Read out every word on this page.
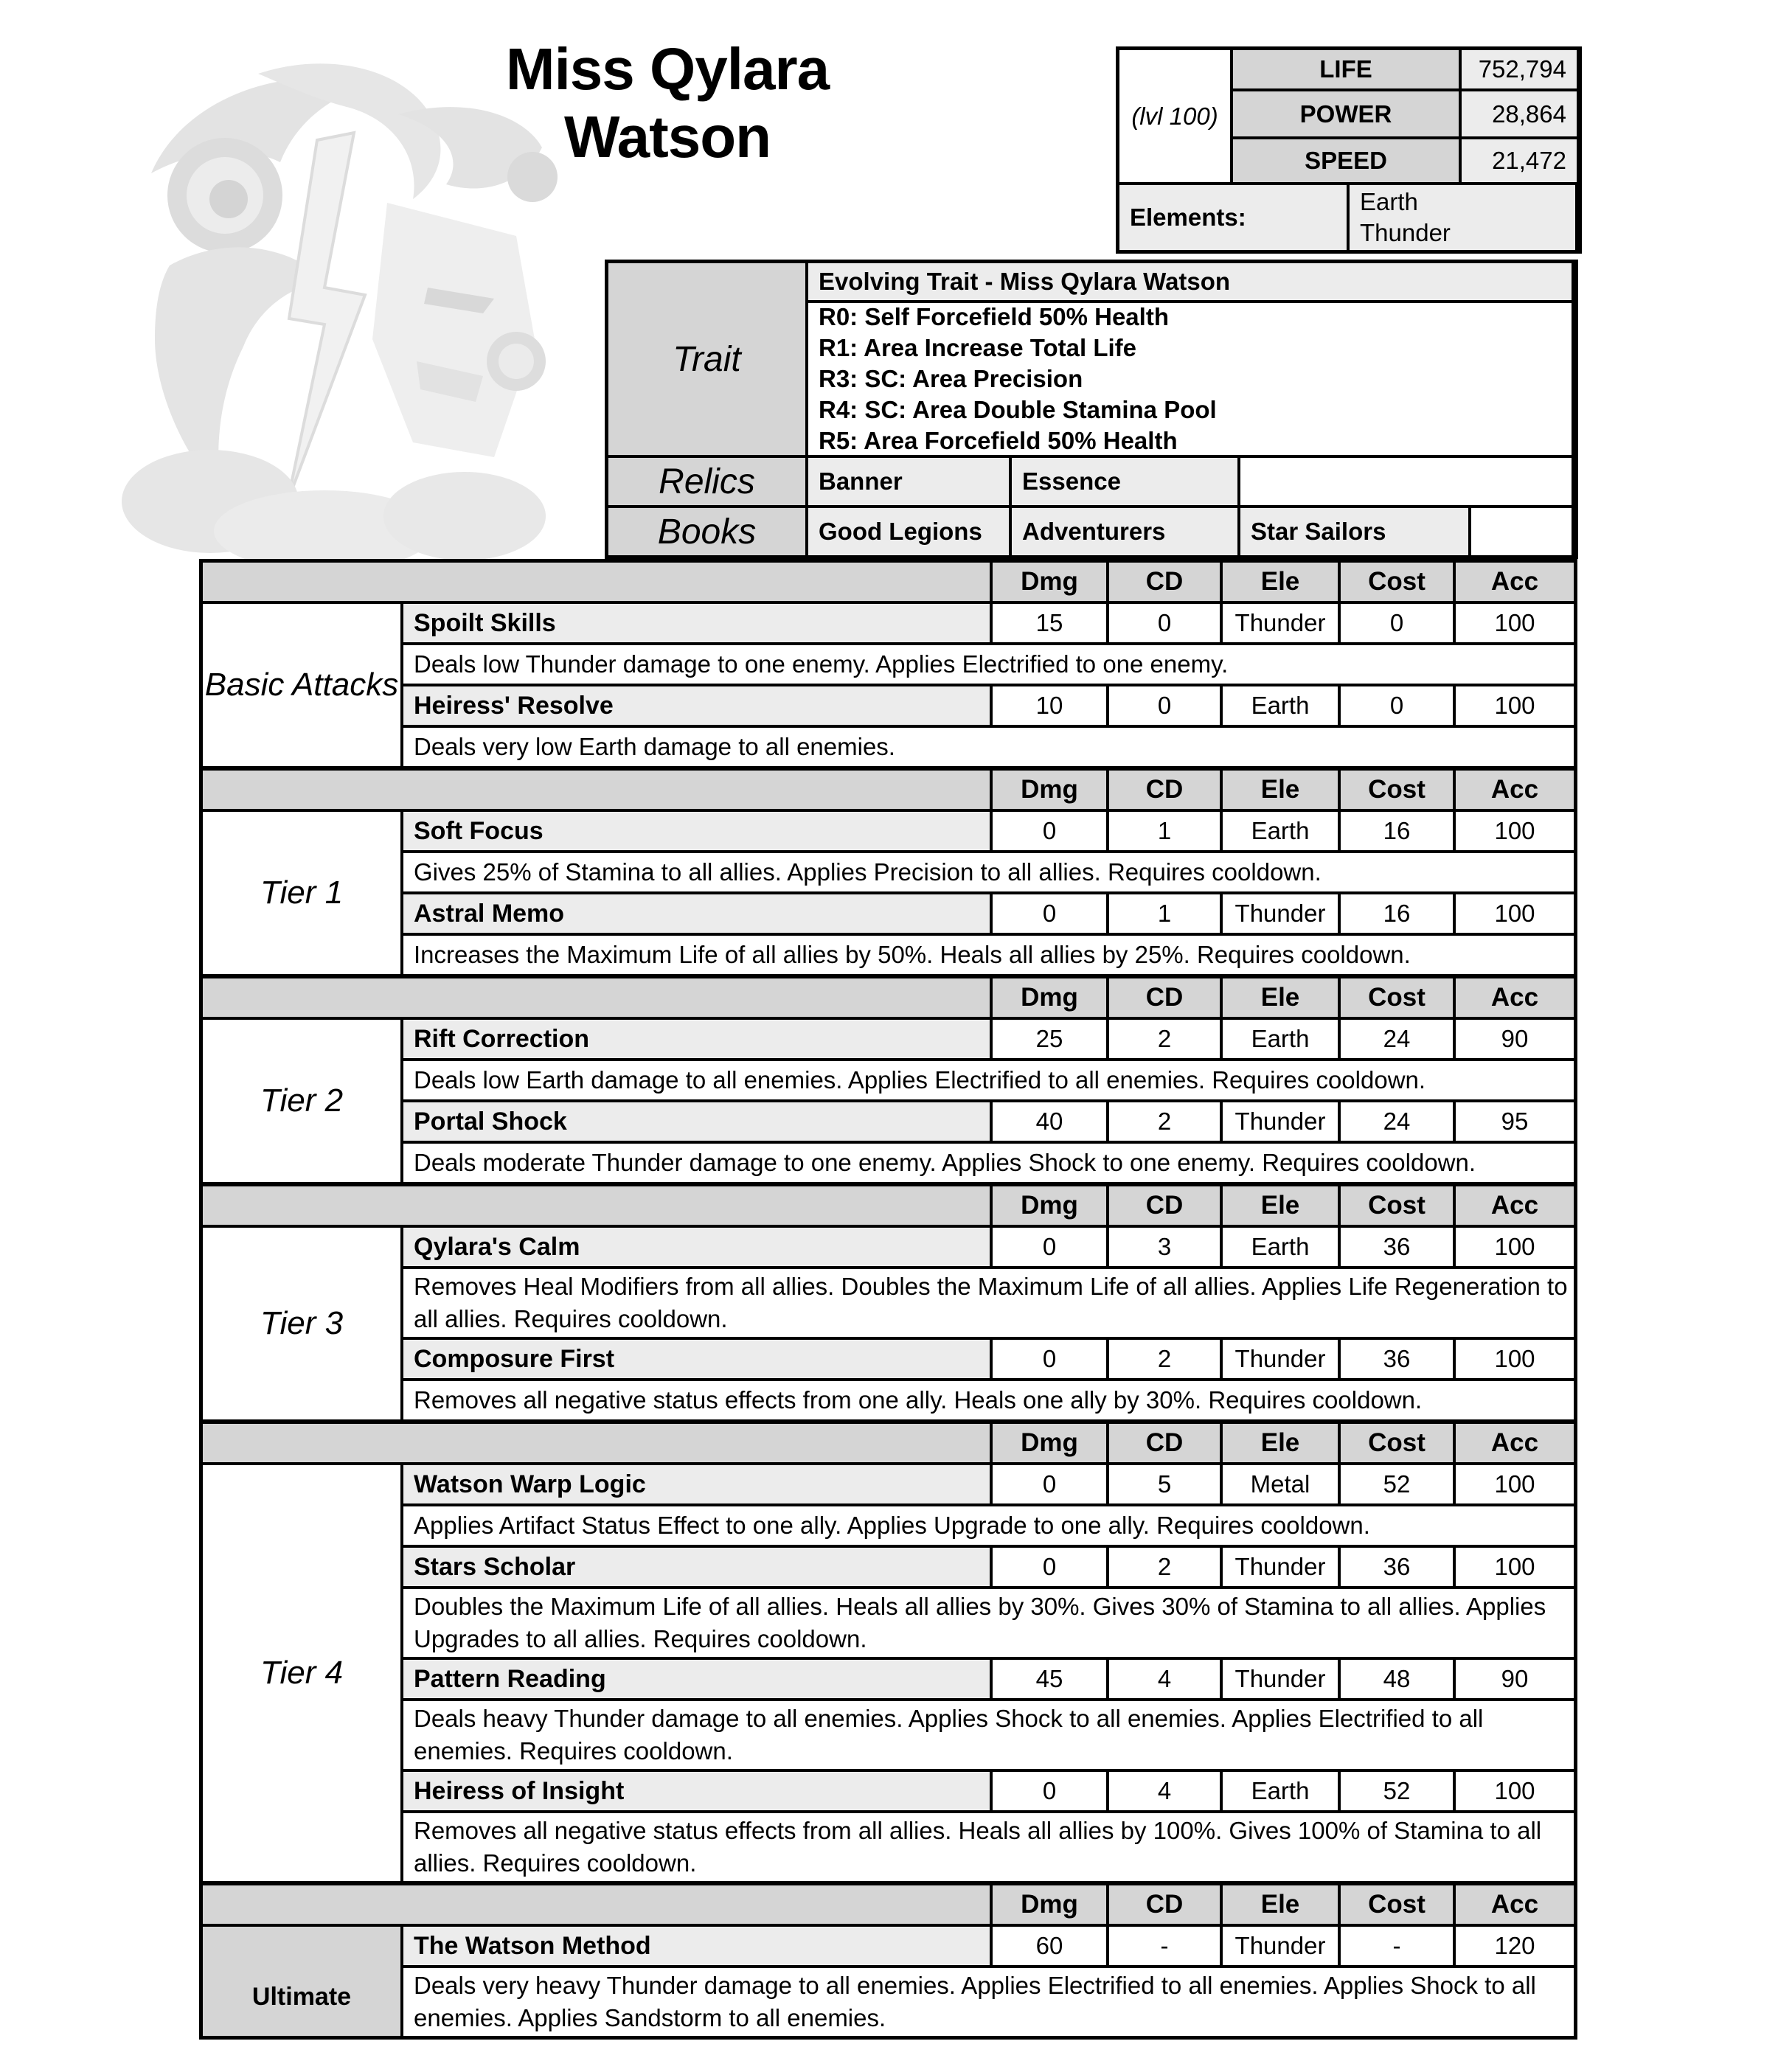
Miss Qylara
Watson	(lvl 100)
LIFE	752,794
POWER	28,864
SPEED	21,472
Elements:
Earth
Thunder
Trait
Evolving Trait - Miss Qylara Watson
R0: Self Forcefield 50% Health
R1: Area Increase Total Life
R3: SC: Area Precision
R4: SC: Area Double Stamina Pool
R5: Area Forcefield 50% Health
Relics	Banner	Essence
Books	Good Legions	Adventurers	Star Sailors
Dmg	CD	Ele	Cost	Acc
Basic Attacks
Spoilt Skills	15	0	Thunder	0	100
Deals low Thunder damage to one enemy. Applies Electrified to one enemy.
Heiress' Resolve	10	0	Earth	0	100
Deals very low Earth damage to all enemies.
Dmg	CD	Ele	Cost	Acc
Tier 1
Soft Focus	0	1	Earth	16	100
Gives 25% of Stamina to all allies. Applies Precision to all allies. Requires cooldown.
Astral Memo	0	1	Thunder	16	100
Increases the Maximum Life of all allies by 50%. Heals all allies by 25%. Requires cooldown.
Dmg	CD	Ele	Cost	Acc
Tier 2
Rift Correction	25	2	Earth	24	90
Deals low Earth damage to all enemies. Applies Electrified to all enemies. Requires cooldown.
Portal Shock	40	2	Thunder	24	95
Deals moderate Thunder damage to one enemy. Applies Shock to one enemy. Requires cooldown.
Dmg	CD	Ele	Cost	Acc
Tier 3
Qylara's Calm	0	3	Earth	36	100
Removes Heal Modifiers from all allies. Doubles the Maximum Life of all allies. Applies Life Regeneration to all allies. Requires cooldown.
Composure First	0	2	Thunder	36	100
Removes all negative status effects from one ally. Heals one ally by 30%. Requires cooldown.
Dmg	CD	Ele	Cost	Acc
Tier 4
Watson Warp Logic	0	5	Metal	52	100
Applies Artifact Status Effect to one ally. Applies Upgrade to one ally. Requires cooldown.
Stars Scholar	0	2	Thunder	36	100
Doubles the Maximum Life of all allies. Heals all allies by 30%. Gives 30% of Stamina to all allies. Applies Upgrades to all allies. Requires cooldown.
Pattern Reading	45	4	Thunder	48	90
Deals heavy Thunder damage to all enemies. Applies Shock to all enemies. Applies Electrified to all enemies. Requires cooldown.
Heiress of Insight	0	4	Earth	52	100
Removes all negative status effects from all allies. Heals all allies by 100%. Gives 100% of Stamina to all allies. Requires cooldown.
Dmg	CD	Ele	Cost	Acc
Ultimate
The Watson Method	60	-	Thunder	-	120
Deals very heavy Thunder damage to all enemies. Applies Electrified to all enemies. Applies Shock to all enemies. Applies Sandstorm to all enemies.
